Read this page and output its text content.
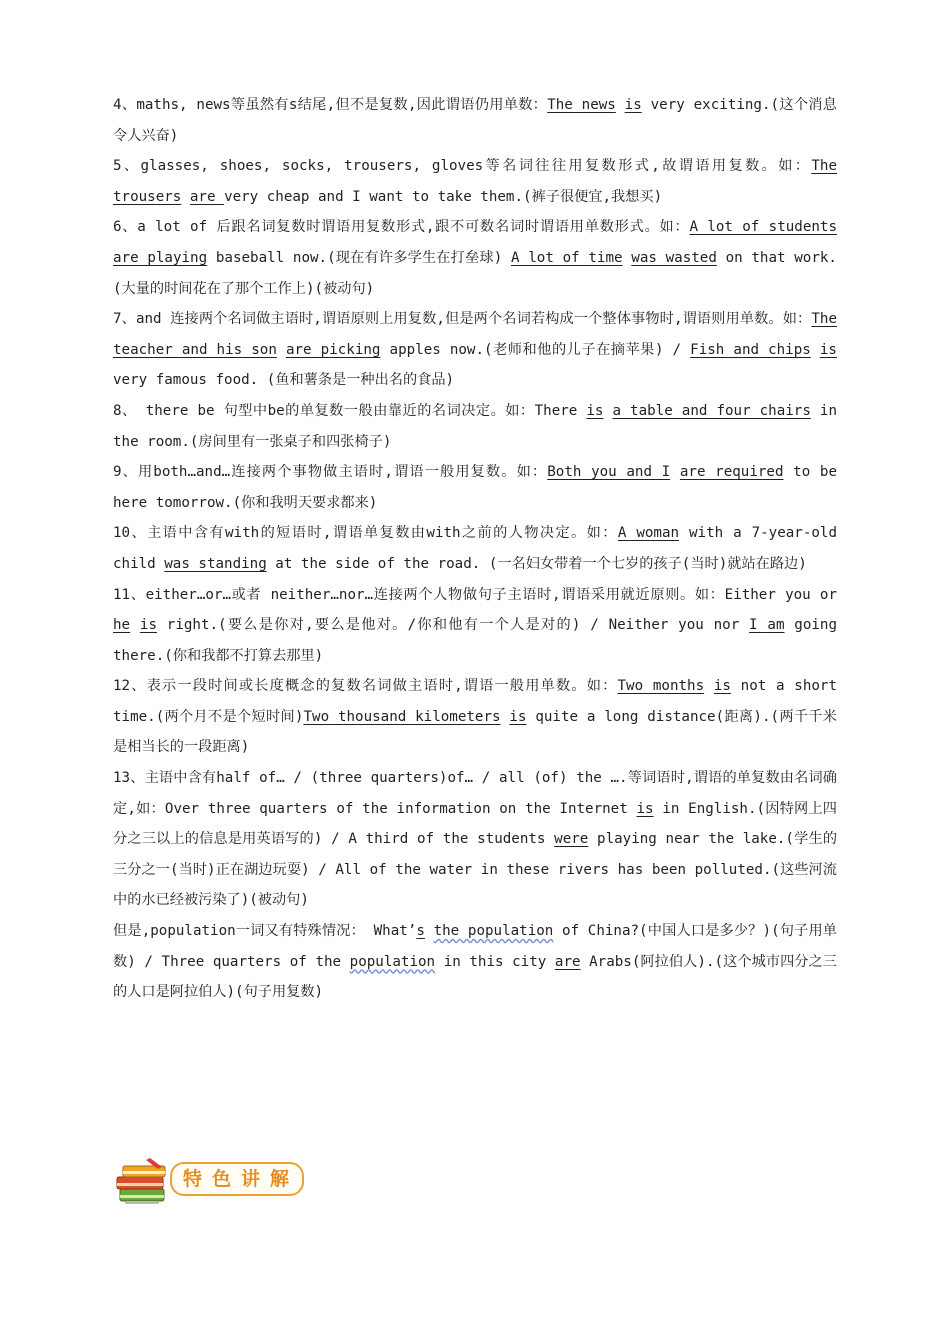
4、maths, news等虽然有s结尾,但不是复数,因此谓语仍用单数：The news is very exciting.(这个消息令人兴奋)

5、glasses, shoes, socks, trousers, gloves等名词往往用复数形式,故谓语用复数。如：The trousers are very cheap and I want to take them.(裤子很便宜,我想买)

6、a lot of 后跟名词复数时谓语用复数形式,跟不可数名词时谓语用单数形式。如：A lot of students are playing baseball now.(现在有许多学生在打垒球) A lot of time was wasted on that work.(大量的时间花在了那个工作上)(被动句)

7、and 连接两个名词做主语时,谓语原则上用复数,但是两个名词若构成一个整体事物时,谓语则用单数。如：The teacher and his son are picking apples now.(老师和他的儿子在摘苹果) / Fish and chips is very famous food. (鱼和薯条是一种出名的食品)

8、 there be 句型中be的单复数一般由靠近的名词决定。如：There is a table and four chairs in the room.(房间里有一张桌子和四张椅子)

9、用both…and…连接两个事物做主语时,谓语一般用复数。如：Both you and I are required to be here tomorrow.(你和我明天要求都来)

10、主语中含有with的短语时,谓语单复数由with之前的人物决定。如：A woman with a 7-year-old child was standing at the side of the road. (一名妇女带着一个七岁的孩子(当时)就站在路边)

11、either…or…或者 neither…nor…连接两个人物做句子主语时,谓语采用就近原则。如：Either you or he is right.(要么是你对,要么是他对。/你和他有一个人是对的) / Neither you nor I am going there.(你和我都不打算去那里)

12、表示一段时间或长度概念的复数名词做主语时,谓语一般用单数。如：Two months is not a short time.(两个月不是个短时间)Two thousand kilometers is quite a long distance(距离).(两千千米是相当长的一段距离)

13、主语中含有half of… / (three quarters)of… / all (of) the ….等词语时,谓语的单复数由名词确定,如：Over three quarters of the information on the Internet is in English.(因特网上四分之三以上的信息是用英语写的) / A third of the students were playing near the lake.(学生的三分之一(当时)正在湖边玩耍) / All of the water in these rivers has been polluted.(这些河流中的水已经被污染了)(被动句)

但是,population一词又有特殊情况： What’s the population of China?(中国人口是多少？)(句子用单数) / Three quarters of the population in this city are Arabs(阿拉伯人).(这个城市四分之三的人口是阿拉伯人)(句子用复数)

特色讲解
